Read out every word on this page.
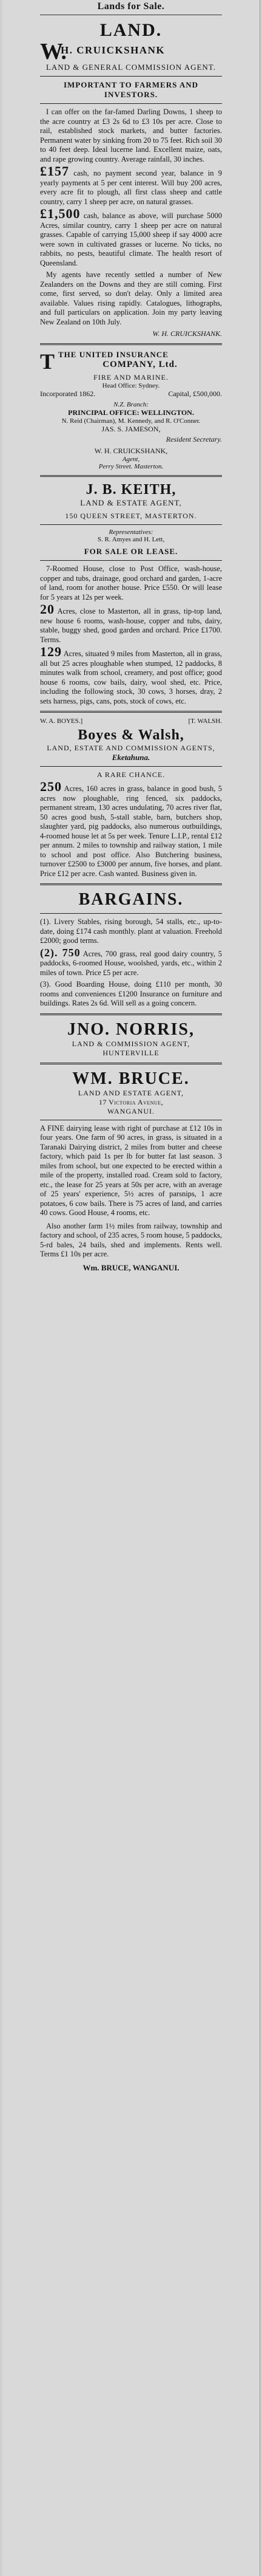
Lands for Sale.
LAND.
W.
H. CRUICKSHANK
LAND & GENERAL COMMISSION AGENT.
IMPORTANT TO FARMERS AND INVESTORS.

I can offer on the far-famed Darling Downs, 1 sheep to the acre country at £3 2s 6d to £3 10s per acre. Close to rail, established stock markets, and butter factories. Permanent water by sinking from 20 to 75 feet. Rich soil 30 to 40 feet deep. Ideal lucerne land. Excellent maize, oats, and rape growing country. Average rainfall, 30 inches.

£157 cash, no payment second year, balance in 9 yearly payments at 5 per cent interest. Will buy 200 acres, every acre fit to plough, all first class sheep and cattle country, carry 1 sheep per acre, on natural grasses.

£1,500 cash, balance as above, will purchase 5000 Acres, similar country, carry 1 sheep per acre on natural grasses. Capable of carrying 15,000 sheep if say 4000 acre were sown in cultivated grasses or lucerne. No ticks, no rabbits, no pests, beautiful climate. The health resort of Queensland.

My agents have recently settled a number of New Zealanders on the Downs and they are still coming. First come, first served, so don't delay. Only a limited area available. Values rising rapidly. Catalogues, lithographs, and full particulars on application. Join my party leaving New Zealand on 10th July.

W. H. CRUICKSHANK.
T THE UNITED INSURANCE
COMPANY, Ltd.
FIRE AND MARINE.
Head Office: Sydney.
Incorporated 1862.	Capital, £500,000.
N.Z. Branch:
PRINCIPAL OFFICE: WELLINGTON.
N. Reid (Chairman), M. Kennedy, and R. O'Conner.
JAS. S. JAMESON,
Resident Secretary.
W. H. CRUICKSHANK,
Agent,
Perry Street. Masterton.
J. B. KEITH,
LAND & ESTATE AGENT,
150 QUEEN STREET, MASTERTON.
Representatives:
S. R. Amyes and H. Lett,
FOR SALE OR LEASE.

7-Roomed House, close to Post Office, wash-house, copper and tubs, drainage, good orchard and garden, 1-acre of land, room for another house. Price £550. Or will lease for 5 years at 12s per week.

20 Acres, close to Masterton, all in grass, tip-top land, new house 6 rooms, wash-house, copper and tubs, dairy, stable, buggy shed, good garden and orchard. Price £1700. Terms.

129 Acres, situated 9 miles from Masterton, all in grass, all but 25 acres ploughable when stumped, 12 paddocks, 8 minutes walk from school, creamery, and post office; good house 6 rooms, cow bails, dairy, wool shed, etc. Price, including the following stock, 30 cows, 3 horses, dray, 2 sets harness, pigs, cans, pots, stock of cows, etc.

W. A. BOYES.]	[T. WALSH.
Boyes & Walsh,
LAND, ESTATE AND COMMISSION AGENTS,
Eketahuna.
A RARE CHANCE.

250 Acres, 160 acres in grass, balance in good bush, 5 acres now ploughable, ring fenced, six paddocks, permanent stream, 130 acres undulating, 70 acres river flat, 50 acres good bush, 5-stall stable, barn, butchers shop, slaughter yard, pig paddocks, also numerous outbuildings, 4-roomed house let at 5s per week. Tenure L.I.P., rental £12 per annum. 2 miles to township and railway station, 1 mile to school and post office. Also Butchering business, turnover £2500 to £3000 per annum, five horses, and plant. Price £12 per acre. Cash wanted. Business given in.

BARGAINS.

(1). Livery Stables, rising borough, 54 stalls, etc., up-to-date, doing £174 cash monthly. plant at valuation. Freehold £2000; good terms.

(2). 750 Acres, 700 grass, real good dairy country, 5 paddocks, 6-roomed House, woolshed, yards, etc., within 2 miles of town. Price £5 per acre.

(3). Good Boarding House, doing £110 per month, 30 rooms and conveniences £1200 Insurance on furniture and buildings. Rates 2s 6d. Will sell as a going concern.

JNO. NORRIS,
LAND & COMMISSION AGENT,
HUNTERVILLE
WM. BRUCE.
LAND AND ESTATE AGENT,
17 Victoria Avenue,
WANGANUI.

A FINE dairying lease with right of purchase at £12 10s in four years. One farm of 90 acres, in grass, is situated in a Taranaki Dairying district, 2 miles from butter and cheese factory, which paid 1s per lb for butter fat last season. 3 miles from school, but one expected to be erected within a mile of the property, installed road. Cream sold to factory, etc., the lease for 25 years at 50s per acre, with an average of 25 years' experience, 5½ acres of parsnips, 1 acre potatoes, 6 cow bails. There is 75 acres of land, and carries 40 cows. Good House, 4 rooms, etc.

Also another farm 1½ miles from railway, township and factory and school, of 235 acres, 5 room house, 5 paddocks, 5-rd bales, 24 bails, shed and implements. Rents well. Terms £1 10s per acre.

Wm. BRUCE, WANGANUI.
